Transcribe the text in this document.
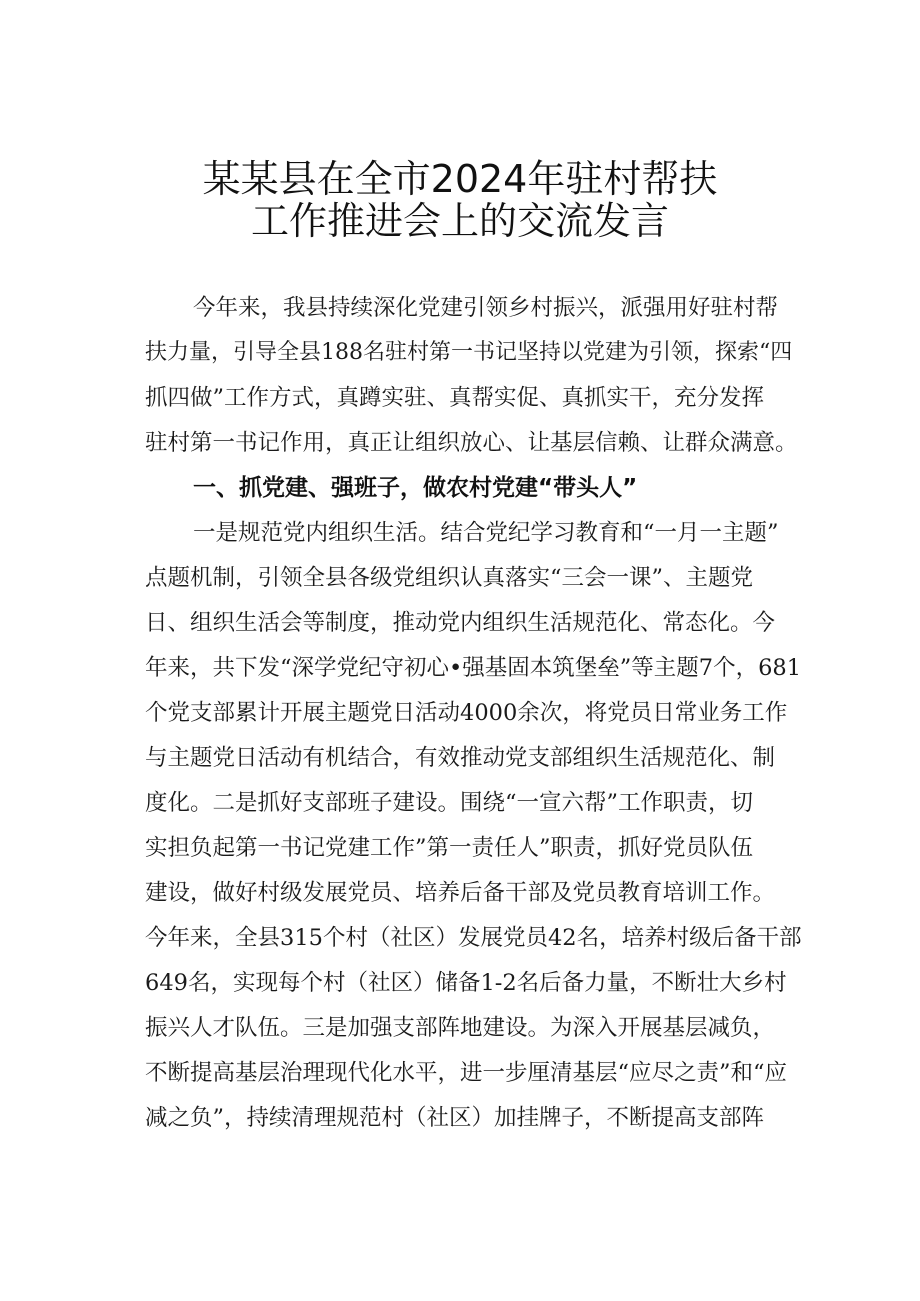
某某县在全市2024年驻村帮扶
工作推进会上的交流发言
今年来，我县持续深化党建引领乡村振兴，派强用好驻村帮
扶力量，引导全县188名驻村第一书记坚持以党建为引领，探索“四
抓四做”工作方式，真蹲实驻、真帮实促、真抓实干，充分发挥
驻村第一书记作用，真正让组织放心、让基层信赖、让群众满意。
一、抓党建、强班子，做农村党建“带头人”
一是规范党内组织生活。结合党纪学习教育和“一月一主题”
点题机制，引领全县各级党组织认真落实“三会一课”、主题党
日、组织生活会等制度，推动党内组织生活规范化、常态化。今
年来，共下发“深学党纪守初心•强基固本筑堡垒”等主题7个，681
个党支部累计开展主题党日活动4000余次，将党员日常业务工作
与主题党日活动有机结合，有效推动党支部组织生活规范化、制
度化。二是抓好支部班子建设。围绕“一宣六帮”工作职责，切
实担负起第一书记党建工作”第一责任人”职责，抓好党员队伍
建设，做好村级发展党员、培养后备干部及党员教育培训工作。
今年来，全县315个村（社区）发展党员42名，培养村级后备干部
649名，实现每个村（社区）储备1-2名后备力量，不断壮大乡村
振兴人才队伍。三是加强支部阵地建设。为深入开展基层减负，
不断提高基层治理现代化水平，进一步厘清基层“应尽之责”和“应
减之负”，持续清理规范村（社区）加挂牌子，不断提高支部阵
